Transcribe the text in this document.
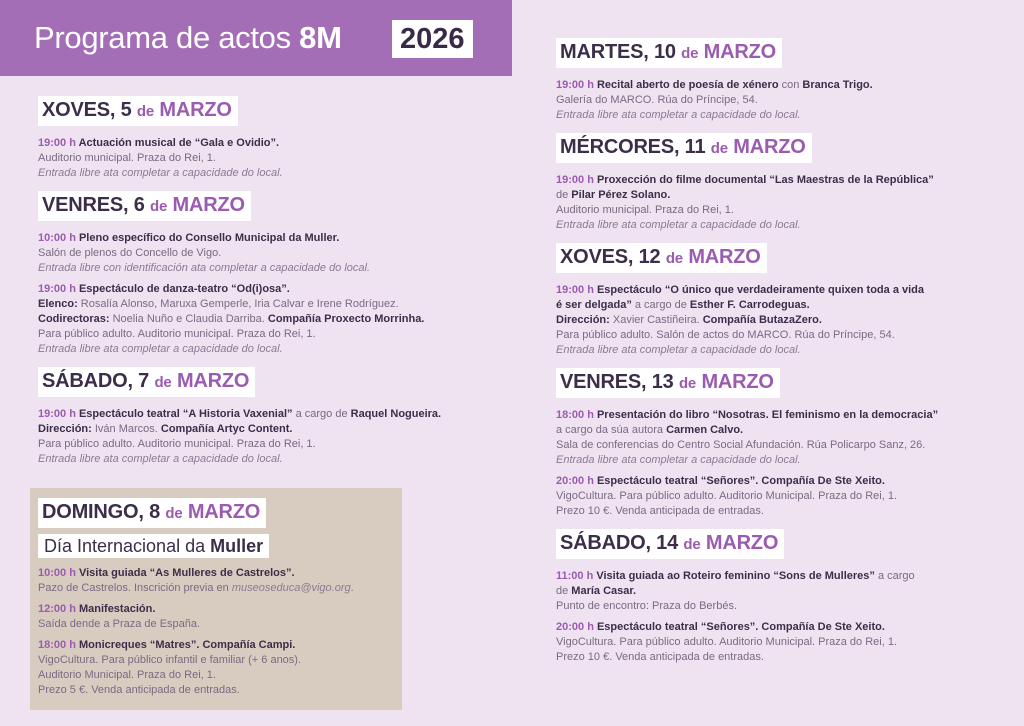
Programa de actos 8M 2026
XOVES, 5 de MARZO
19:00 h Actuación musical de “Gala e Ovidio”.
Auditorio municipal. Praza do Rei, 1.
Entrada libre ata completar a capacidade do local.
VENRES, 6 de MARZO
10:00 h Pleno específico do Consello Municipal da Muller.
Salón de plenos do Concello de Vigo.
Entrada libre con identificación ata completar a capacidade do local.
19:00 h Espectáculo de danza-teatro “Od(i)osa”.
Elenco: Rosalía Alonso, Maruxa Gemperle, Iria Calvar e Irene Rodríguez.
Codirectoras: Noelia Nuño e Claudia Darriba. Compañía Proxecto Morrinha.
Para público adulto. Auditorio municipal. Praza do Rei, 1.
Entrada libre ata completar a capacidade do local.
SÁBADO, 7 de MARZO
19:00 h Espectáculo teatral “A Historia Vaxenial” a cargo de Raquel Nogueira.
Dirección: Iván Marcos. Compañía Artyc Content.
Para público adulto. Auditorio municipal. Praza do Rei, 1.
Entrada libre ata completar a capacidade do local.
DOMINGO, 8 de MARZO
Día Internacional da Muller
10:00 h Visita guiada “As Mulleres de Castrelos”.
Pazo de Castrelos. Inscrición previa en museoseduca@vigo.org.
12:00 h Manifestación.
Saída dende a Praza de España.
18:00 h Monicreques “Matres”. Compañía Campi.
VigoCultura. Para público infantil e familiar (+ 6 anos).
Auditorio Municipal. Praza do Rei, 1.
Prezo 5 €. Venda anticipada de entradas.
MARTES, 10 de MARZO
19:00 h Recital aberto de poesía de xénero con Branca Trigo.
Galería do MARCO. Rúa do Príncipe, 54.
Entrada libre ata completar a capacidade do local.
MÉRCORES, 11 de MARZO
19:00 h Proxección do filme documental “Las Maestras de la República”
de Pilar Pérez Solano.
Auditorio municipal. Praza do Rei, 1.
Entrada libre ata completar a capacidade do local.
XOVES, 12 de MARZO
19:00 h Espectáculo “O único que verdadeiramente quixen toda a vida
é ser delgada” a cargo de Esther F. Carrodeguas.
Dirección: Xavier Castiñeira. Compañía ButazaZero.
Para público adulto. Salón de actos do MARCO. Rúa do Príncipe, 54.
Entrada libre ata completar a capacidade do local.
VENRES, 13 de MARZO
18:00 h Presentación do libro “Nosotras. El feminismo en la democracia”
a cargo da súa autora Carmen Calvo.
Sala de conferencias do Centro Social Afundación. Rúa Policarpo Sanz, 26.
Entrada libre ata completar a capacidade do local.
20:00 h Espectáculo teatral “Señores”. Compañía De Ste Xeito.
VigoCultura. Para público adulto. Auditorio Municipal. Praza do Rei, 1.
Prezo 10 €. Venda anticipada de entradas.
SÁBADO, 14 de MARZO
11:00 h Visita guiada ao Roteiro feminino “Sons de Mulleres” a cargo
de María Casar.
Punto de encontro: Praza do Berbés.
20:00 h Espectáculo teatral “Señores”. Compañía De Ste Xeito.
VigoCultura. Para público adulto. Auditorio Municipal. Praza do Rei, 1.
Prezo 10 €. Venda anticipada de entradas.
